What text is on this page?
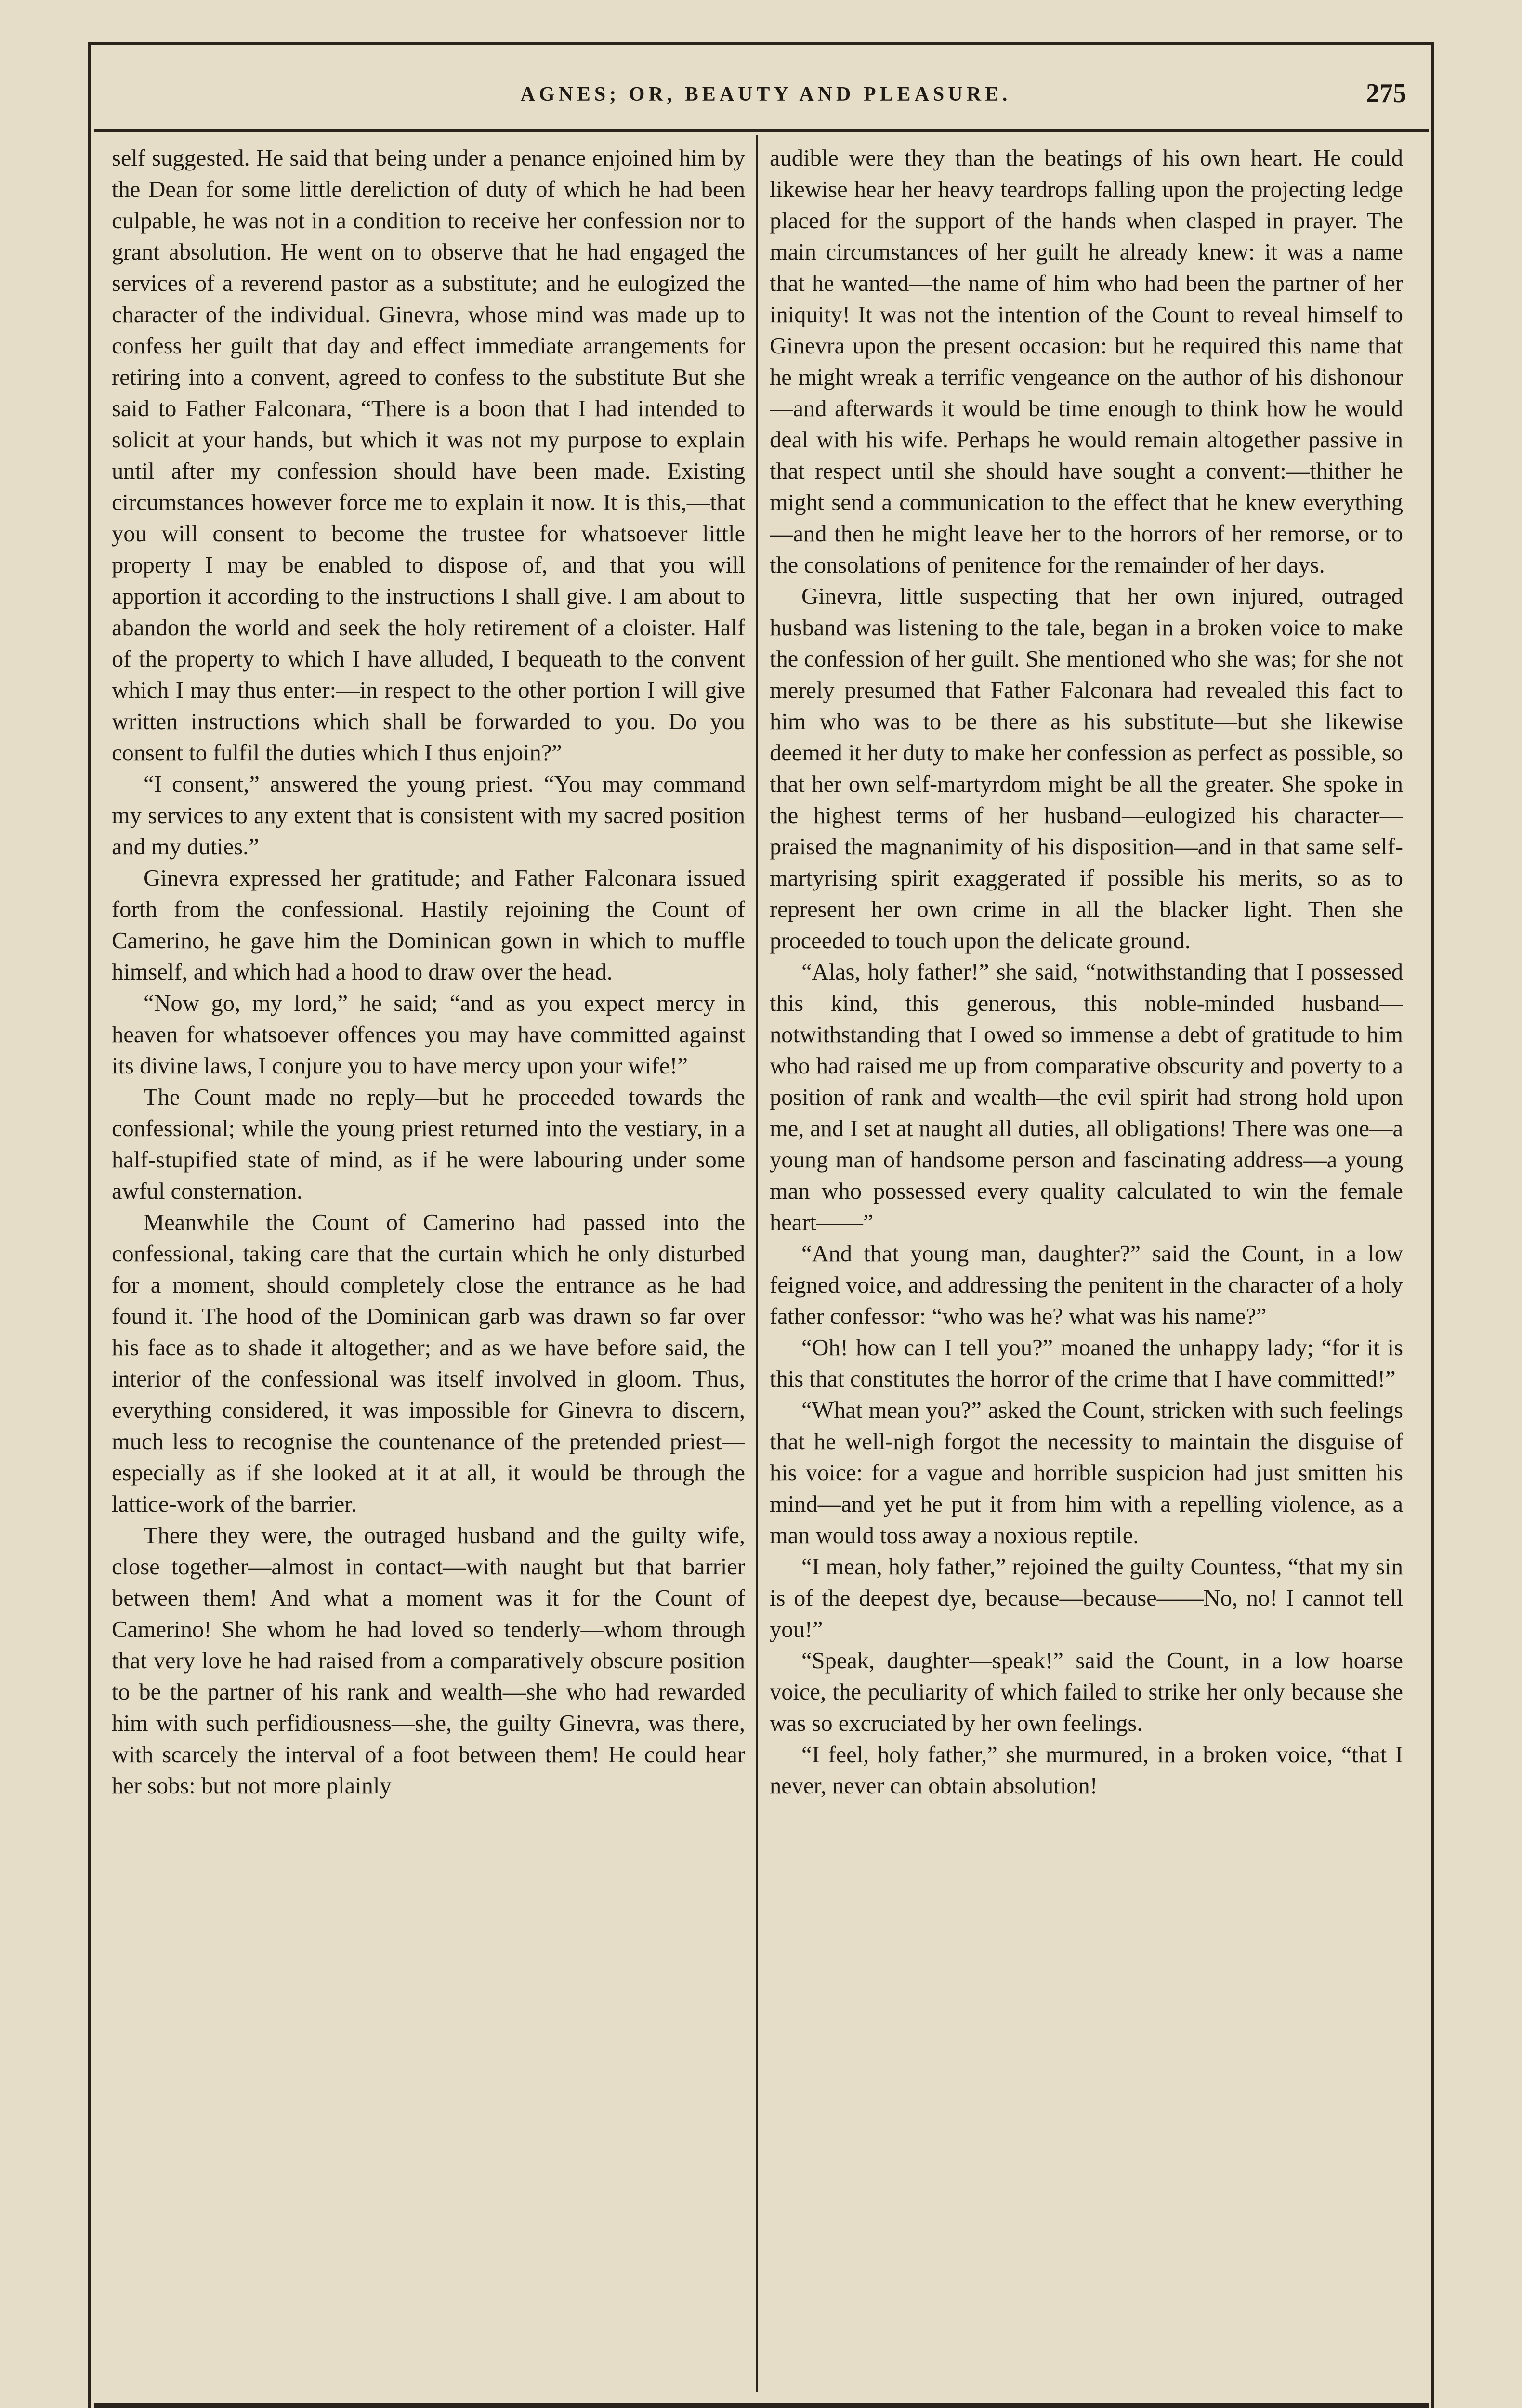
AGNES; OR, BEAUTY AND PLEASURE.	275

self suggested. He said that being under a penance enjoined him by the Dean for some little dereliction of duty of which he had been culpable, he was not in a condition to receive her confession nor to grant absolution. He went on to observe that he had engaged the services of a reverend pastor as a substitute; and he eulogized the character of the individual. Ginevra, whose mind was made up to confess her guilt that day and effect immediate arrangements for retiring into a convent, agreed to confess to the substitute But she said to Father Falconara, “There is a boon that I had intended to solicit at your hands, but which it was not my purpose to explain until after my confession should have been made. Existing circumstances however force me to explain it now. It is this,—that you will consent to become the trustee for whatsoever little property I may be enabled to dispose of, and that you will apportion it according to the instructions I shall give. I am about to abandon the world and seek the holy retirement of a cloister. Half of the property to which I have alluded, I bequeath to the convent which I may thus enter:—in respect to the other portion I will give written instructions which shall be forwarded to you. Do you consent to fulfil the duties which I thus enjoin?”

“I consent,” answered the young priest. “You may command my services to any extent that is consistent with my sacred position and my duties.”

Ginevra expressed her gratitude; and Father Falconara issued forth from the confessional. Hastily rejoining the Count of Camerino, he gave him the Dominican gown in which to muffle himself, and which had a hood to draw over the head.

“Now go, my lord,” he said; “and as you expect mercy in heaven for whatsoever offences you may have committed against its divine laws, I conjure you to have mercy upon your wife!”

The Count made no reply—but he proceeded towards the confessional; while the young priest returned into the vestiary, in a half-stupified state of mind, as if he were labouring under some awful consternation.

Meanwhile the Count of Camerino had passed into the confessional, taking care that the curtain which he only disturbed for a moment, should completely close the entrance as he had found it. The hood of the Dominican garb was drawn so far over his face as to shade it altogether; and as we have before said, the interior of the confessional was itself involved in gloom. Thus, everything considered, it was impossible for Ginevra to discern, much less to recognise the countenance of the pretended priest—especially as if she looked at it at all, it would be through the lattice-work of the barrier.

There they were, the outraged husband and the guilty wife, close together—almost in contact—with naught but that barrier between them! And what a moment was it for the Count of Camerino! She whom he had loved so tenderly—whom through that very love he had raised from a comparatively obscure position to be the partner of his rank and wealth—she who had rewarded him with such perfidiousness—she, the guilty Ginevra, was there, with scarcely the interval of a foot between them! He could hear her sobs: but not more plainly

audible were they than the beatings of his own heart. He could likewise hear her heavy teardrops falling upon the projecting ledge placed for the support of the hands when clasped in prayer. The main circumstances of her guilt he already knew: it was a name that he wanted—the name of him who had been the partner of her iniquity! It was not the intention of the Count to reveal himself to Ginevra upon the present occasion: but he required this name that he might wreak a terrific vengeance on the author of his dishonour—and afterwards it would be time enough to think how he would deal with his wife. Perhaps he would remain altogether passive in that respect until she should have sought a convent:—thither he might send a communication to the effect that he knew everything—and then he might leave her to the horrors of her remorse, or to the consolations of penitence for the remainder of her days.

Ginevra, little suspecting that her own injured, outraged husband was listening to the tale, began in a broken voice to make the confession of her guilt. She mentioned who she was; for she not merely presumed that Father Falconara had revealed this fact to him who was to be there as his substitute—but she likewise deemed it her duty to make her confession as perfect as possible, so that her own self-martyrdom might be all the greater. She spoke in the highest terms of her husband—eulogized his character—praised the magnanimity of his disposition—and in that same self-martyrising spirit exaggerated if possible his merits, so as to represent her own crime in all the blacker light. Then she proceeded to touch upon the delicate ground.

“Alas, holy father!” she said, “notwithstanding that I possessed this kind, this generous, this noble-minded husband—notwithstanding that I owed so immense a debt of gratitude to him who had raised me up from comparative obscurity and poverty to a position of rank and wealth—the evil spirit had strong hold upon me, and I set at naught all duties, all obligations! There was one—a young man of handsome person and fascinating address—a young man who possessed every quality calculated to win the female heart——”

“And that young man, daughter?” said the Count, in a low feigned voice, and addressing the penitent in the character of a holy father confessor: “who was he? what was his name?”

“Oh! how can I tell you?” moaned the unhappy lady; “for it is this that constitutes the horror of the crime that I have committed!”

“What mean you?” asked the Count, stricken with such feelings that he well-nigh forgot the necessity to maintain the disguise of his voice: for a vague and horrible suspicion had just smitten his mind—and yet he put it from him with a repelling violence, as a man would toss away a noxious reptile.

“I mean, holy father,” rejoined the guilty Countess, “that my sin is of the deepest dye, because—because——No, no! I cannot tell you!”

“Speak, daughter—speak!” said the Count, in a low hoarse voice, the peculiarity of which failed to strike her only because she was so excruciated by her own feelings.

“I feel, holy father,” she murmured, in a broken voice, “that I never, never can obtain absolution!
